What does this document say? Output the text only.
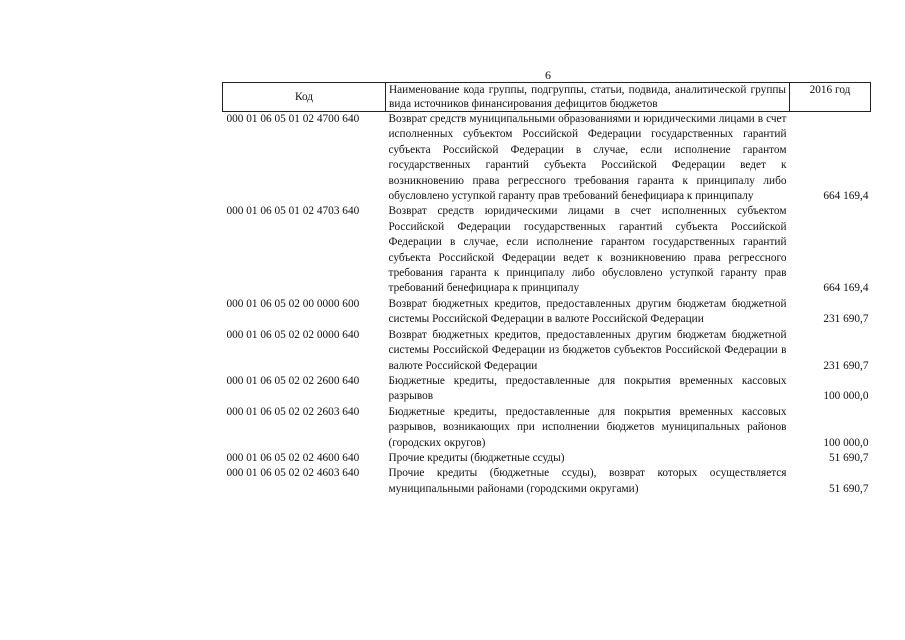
6
Код	Наименование кода группы, подгруппы, статьи, подвида, аналитической группы вида источников финансирования дефицитов бюджетов	2016 год
000 01 06 05 01 02 4700 640	Возврат средств муниципальными образованиями и юридическими лицами в счет исполненных субъектом Российской Федерации государственных гарантий субъекта Российской Федерации в случае, если исполнение гарантом государственных гарантий субъекта Российской Федерации ведет к возникновению права регрессного требования гаранта к принципалу либо обусловлено уступкой гаранту прав требований бенефициара к принципалу	664 169,4
000 01 06 05 01 02 4703 640	Возврат средств юридическими лицами в счет исполненных субъектом Российской Федерации государственных гарантий субъекта Российской Федерации в случае, если исполнение гарантом государственных гарантий субъекта Российской Федерации ведет к возникновению права регрессного требования гаранта к принципалу либо обусловлено уступкой гаранту прав требований бенефициара к принципалу	664 169,4
000 01 06 05 02 00 0000 600	Возврат бюджетных кредитов, предоставленных другим бюджетам бюджетной системы Российской Федерации в валюте Российской Федерации	231 690,7
000 01 06 05 02 02 0000 640	Возврат бюджетных кредитов, предоставленных другим бюджетам бюджетной системы Российской Федерации из бюджетов субъектов Российской Федерации в валюте Российской Федерации	231 690,7
000 01 06 05 02 02 2600 640	Бюджетные кредиты, предоставленные для покрытия временных кассовых разрывов	100 000,0
000 01 06 05 02 02 2603 640	Бюджетные кредиты, предоставленные для покрытия временных кассовых разрывов, возникающих при исполнении бюджетов муниципальных районов (городских округов)	100 000,0
000 01 06 05 02 02 4600 640	Прочие кредиты (бюджетные ссуды)	51 690,7
000 01 06 05 02 02 4603 640	Прочие кредиты (бюджетные ссуды), возврат которых осуществляется муниципальными районами (городскими округами)	51 690,7
